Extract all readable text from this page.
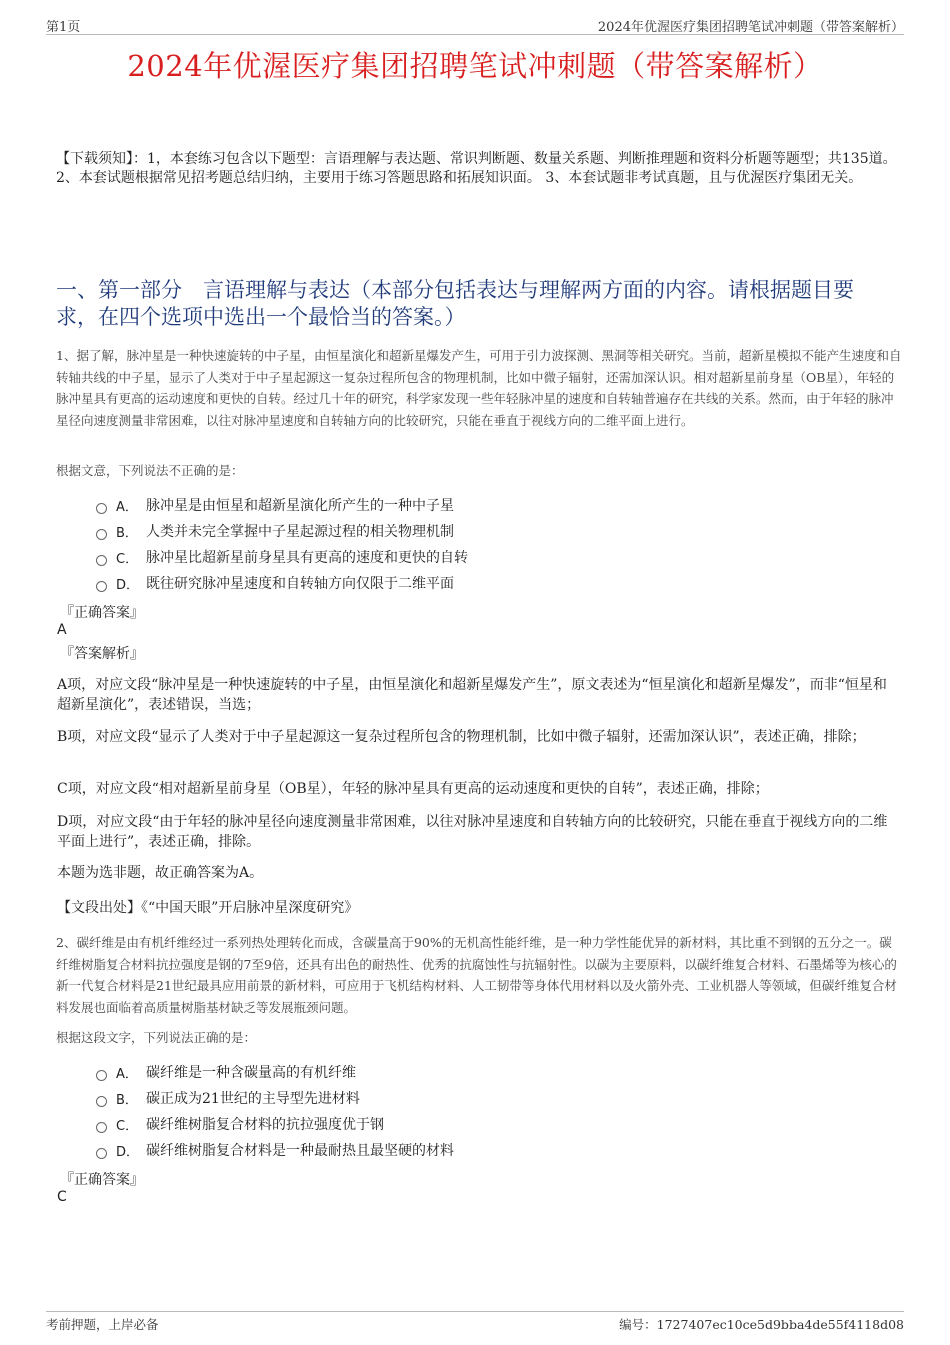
第1页	2024年优渥医疗集团招聘笔试冲刺题（带答案解析）
2024年优渥医疗集团招聘笔试冲刺题（带答案解析）
【下载须知】：1，本套练习包含以下题型：言语理解与表达题、常识判断题、数量关系题、判断推理题和资料分析题等题型；共135道。 2、本套试题根据常见招考题总结归纳，主要用于练习答题思路和拓展知识面。 3、本套试题非考试真题，且与优渥医疗集团无关。
一、第一部分　言语理解与表达（本部分包括表达与理解两方面的内容。请根据题目要求，在四个选项中选出一个最恰当的答案。）
1、据了解，脉冲星是一种快速旋转的中子星，由恒星演化和超新星爆发产生，可用于引力波探测、黑洞等相关研究。当前，超新星模拟不能产生速度和自转轴共线的中子星，显示了人类对于中子星起源这一复杂过程所包含的物理机制，比如中微子辐射，还需加深认识。相对超新星前身星（OB星），年轻的脉冲星具有更高的运动速度和更快的自转。经过几十年的研究，科学家发现一些年轻脉冲星的速度和自转轴普遍存在共线的关系。然而，由于年轻的脉冲星径向速度测量非常困难，以往对脉冲星速度和自转轴方向的比较研究，只能在垂直于视线方向的二维平面上进行。
根据文意，下列说法不正确的是：
A． 脉冲星是由恒星和超新星演化所产生的一种中子星
B． 人类并未完全掌握中子星起源过程的相关物理机制
C． 脉冲星比超新星前身星具有更高的速度和更快的自转
D． 既往研究脉冲星速度和自转轴方向仅限于二维平面
『正确答案』
A
『答案解析』
A项，对应文段“脉冲星是一种快速旋转的中子星，由恒星演化和超新星爆发产生”，原文表述为“恒星演化和超新星爆发”，而非“恒星和超新星演化”，表述错误，当选；
B项，对应文段“显示了人类对于中子星起源这一复杂过程所包含的物理机制，比如中微子辐射，还需加深认识”，表述正确，排除；
C项，对应文段“相对超新星前身星（OB星），年轻的脉冲星具有更高的运动速度和更快的自转”，表述正确，排除；
D项，对应文段“由于年轻的脉冲星径向速度测量非常困难，以往对脉冲星速度和自转轴方向的比较研究，只能在垂直于视线方向的二维平面上进行”，表述正确，排除。
本题为选非题，故正确答案为A。
【文段出处】《“中国天眼”开启脉冲星深度研究》
2、碳纤维是由有机纤维经过一系列热处理转化而成，含碳量高于90%的无机高性能纤维，是一种力学性能优异的新材料，其比重不到钢的五分之一。碳纤维树脂复合材料抗拉强度是钢的7至9倍，还具有出色的耐热性、优秀的抗腐蚀性与抗辐射性。以碳为主要原料，以碳纤维复合材料、石墨烯等为核心的新一代复合材料是21世纪最具应用前景的新材料，可应用于飞机结构材料、人工韧带等身体代用材料以及火箭外壳、工业机器人等领域，但碳纤维复合材料发展也面临着高质量树脂基材缺乏等发展瓶颈问题。
根据这段文字，下列说法正确的是：
A． 碳纤维是一种含碳量高的有机纤维
B． 碳正成为21世纪的主导型先进材料
C． 碳纤维树脂复合材料的抗拉强度优于钢
D． 碳纤维树脂复合材料是一种最耐热且最坚硬的材料
『正确答案』
C
考前押题，上岸必备	编号：1727407ec10ce5d9bba4de55f4118d08
